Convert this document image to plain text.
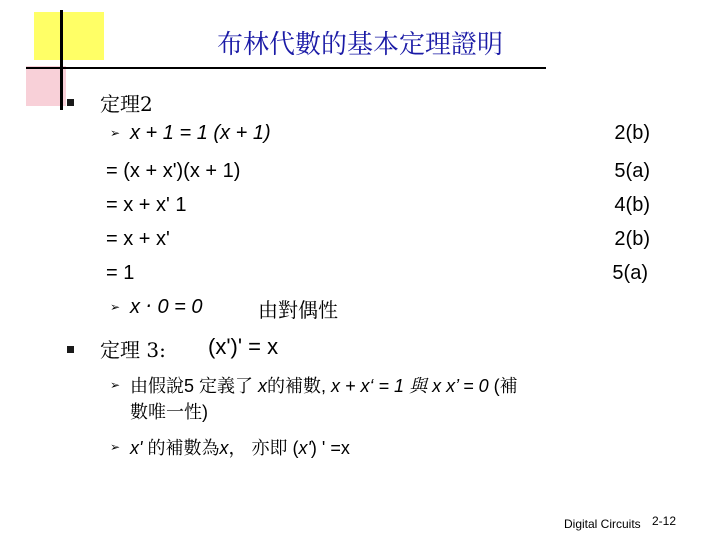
布林代數的基本定理證明
定理2
➢ x + 1 = 1 (x + 1)	2(b)
= (x + x')(x + 1)	5(a)
= x + x' 1	4(b)
= x + x'	2(b)
= 1	5(a)
➢ x ‧ 0 = 0	由對偶性
定理 3: (x')' = x
➢ 由假說5 定義了 x的補數, x + x‘ = 1 與 x x’ = 0 (補
數唯一性)
➢ x' 的補數為x， 亦即 (x') ' =x
Digital Circuits 2-12
